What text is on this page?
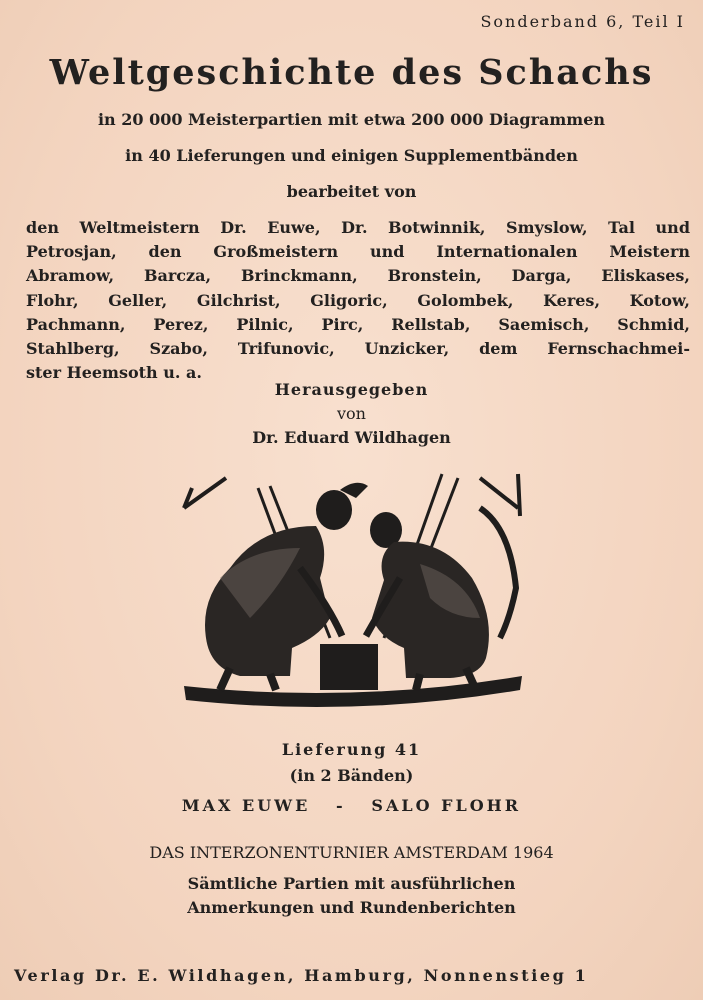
Sonderband 6, Teil I

Weltgeschichte des Schachs

in 20 000 Meisterpartien mit etwa 200 000 Diagrammen

in 40 Lieferungen und einigen Supplementbänden

bearbeitet von

den Weltmeistern Dr. Euwe, Dr. Botwinnik, Smyslow, Tal und
Petrosjan, den Großmeistern und Internationalen Meistern
Abramow, Barcza, Brinckmann, Bronstein, Darga, Eliskases,
Flohr, Geller, Gilchrist, Gligoric, Golombek, Keres, Kotow,
Pachmann, Perez, Pilnic, Pirc, Rellstab, Saemisch, Schmid,
Stahlberg, Szabo, Trifunovic, Unzicker, dem Fernschachmei-
ster Heemsoth u. a.

Herausgegeben

von

Dr. Eduard Wildhagen

Lieferung 41

(in 2 Bänden)

MAX EUWE   -   SALO FLOHR

DAS INTERZONENTURNIER AMSTERDAM 1964

Sämtliche Partien mit ausführlichen

Anmerkungen und Rundenberichten

Verlag Dr. E. Wildhagen, Hamburg, Nonnenstieg 1
